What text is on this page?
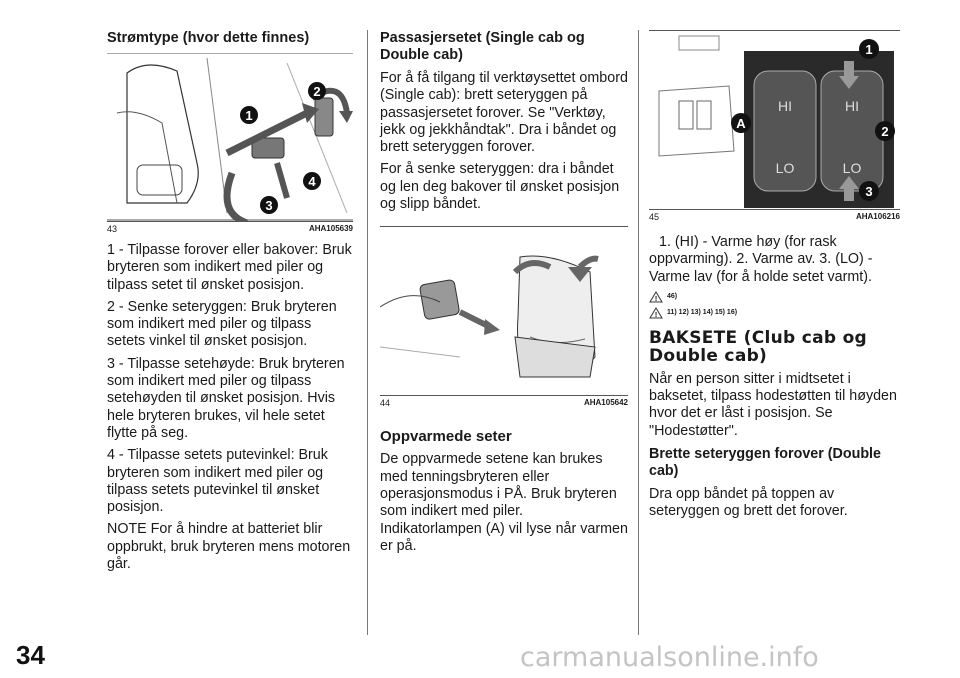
Strømtype (hvor dette finnes)
1
2
3
4
43	AHA105639

1 - Tilpasse forover eller bakover: Bruk bryteren som indikert med piler og tilpass setet til ønsket posisjon.

2 - Senke seteryggen: Bruk bryteren som indikert med piler og tilpass setets vinkel til ønsket posisjon.

3 - Tilpasse setehøyde: Bruk bryteren som indikert med piler og tilpass setehøyden til ønsket posisjon. Hvis hele bryteren brukes, vil hele setet flytte på seg.

4 - Tilpasse setets putevinkel: Bruk bryteren som indikert med piler og tilpass setets putevinkel til ønsket posisjon.

NOTE For å hindre at batteriet blir oppbrukt, bruk bryteren mens motoren går.

Passasjersetet (Single cab og Double cab)

For å få tilgang til verktøysettet ombord (Single cab): brett seteryggen på passasjersetet forover. Se "Verktøy, jekk og jekkhåndtak". Dra i båndet og brett seteryggen forover.

For å senke seteryggen: dra i båndet og len deg bakover til ønsket posisjon og slipp båndet.

44	AHA105642
Oppvarmede seter

De oppvarmede setene kan brukes med tenningsbryteren eller operasjonsmodus i PÅ. Bruk bryteren som indikert med piler. Indikatorlampen (A) vil lyse når varmen er på.

HI
LO
HI
LO
1
2
3
A
45	AHA106216

1. (HI) - Varme høy (for rask oppvarming). 2. Varme av. 3. (LO) - Varme lav (for å holde setet varmt).

! 46)
! 11) 12) 13) 14) 15) 16)
BAKSETE (Club cab og Double cab)

Når en person sitter i midtsetet i baksetet, tilpass hodestøtten til høyden hvor det er låst i posisjon. Se "Hodestøtter".

Brette seteryggen forover (Double cab)

Dra opp båndet på toppen av seteryggen og brett det forover.

34	carmanualsonline.info
